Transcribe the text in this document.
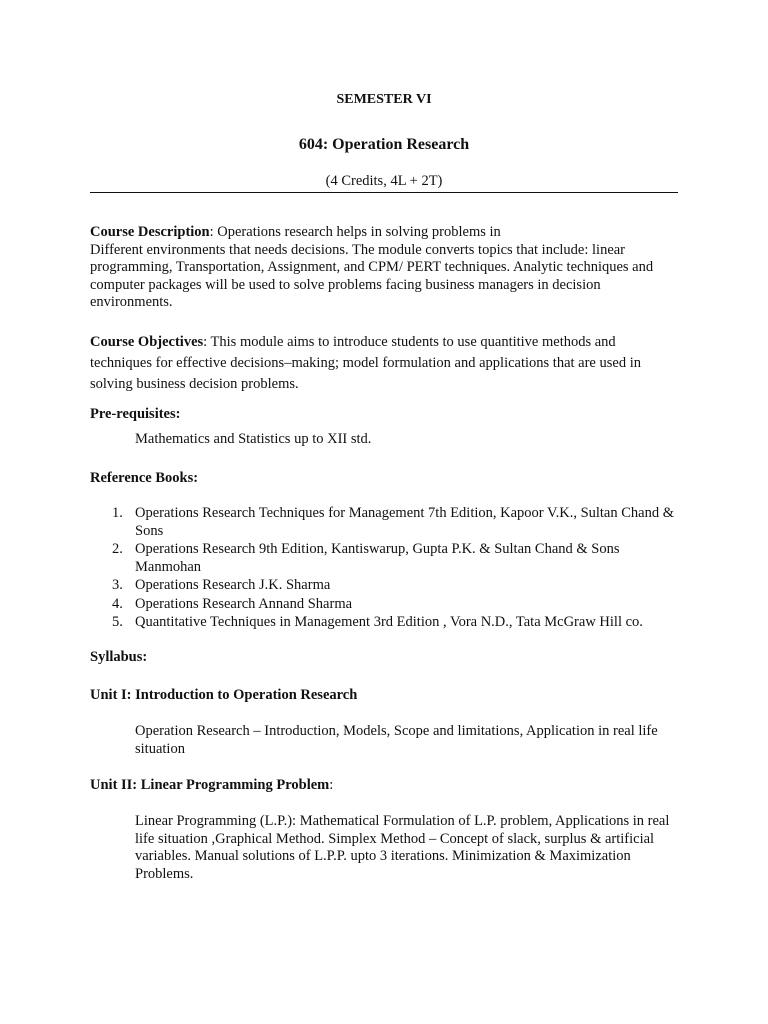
SEMESTER VI
604: Operation Research
(4 Credits, 4L + 2T)
Course Description: Operations research helps in solving problems in
Different environments that needs decisions. The module converts topics that include: linear programming, Transportation, Assignment, and CPM/ PERT techniques. Analytic techniques and computer packages will be used to solve problems facing business managers in decision environments.
Course Objectives: This module aims to introduce students to use quantitive methods and techniques for effective decisions–making; model formulation and applications that are used in solving business decision problems.
Pre-requisites:
Mathematics and Statistics up to XII std.
Reference Books:
1. Operations Research Techniques for Management 7th Edition, Kapoor V.K., Sultan Chand & Sons
2. Operations Research 9th Edition, Kantiswarup, Gupta P.K. & Sultan Chand & Sons Manmohan
3. Operations Research J.K. Sharma
4. Operations Research Annand Sharma
5. Quantitative Techniques in Management 3rd Edition , Vora N.D., Tata McGraw Hill co.
Syllabus:
Unit I: Introduction to Operation Research
Operation Research – Introduction, Models, Scope and limitations, Application in real life situation
Unit II: Linear Programming Problem:
Linear Programming (L.P.): Mathematical Formulation of L.P. problem, Applications in real life situation ,Graphical Method. Simplex Method – Concept of slack, surplus & artificial variables. Manual solutions of L.P.P. upto 3 iterations. Minimization & Maximization Problems.
